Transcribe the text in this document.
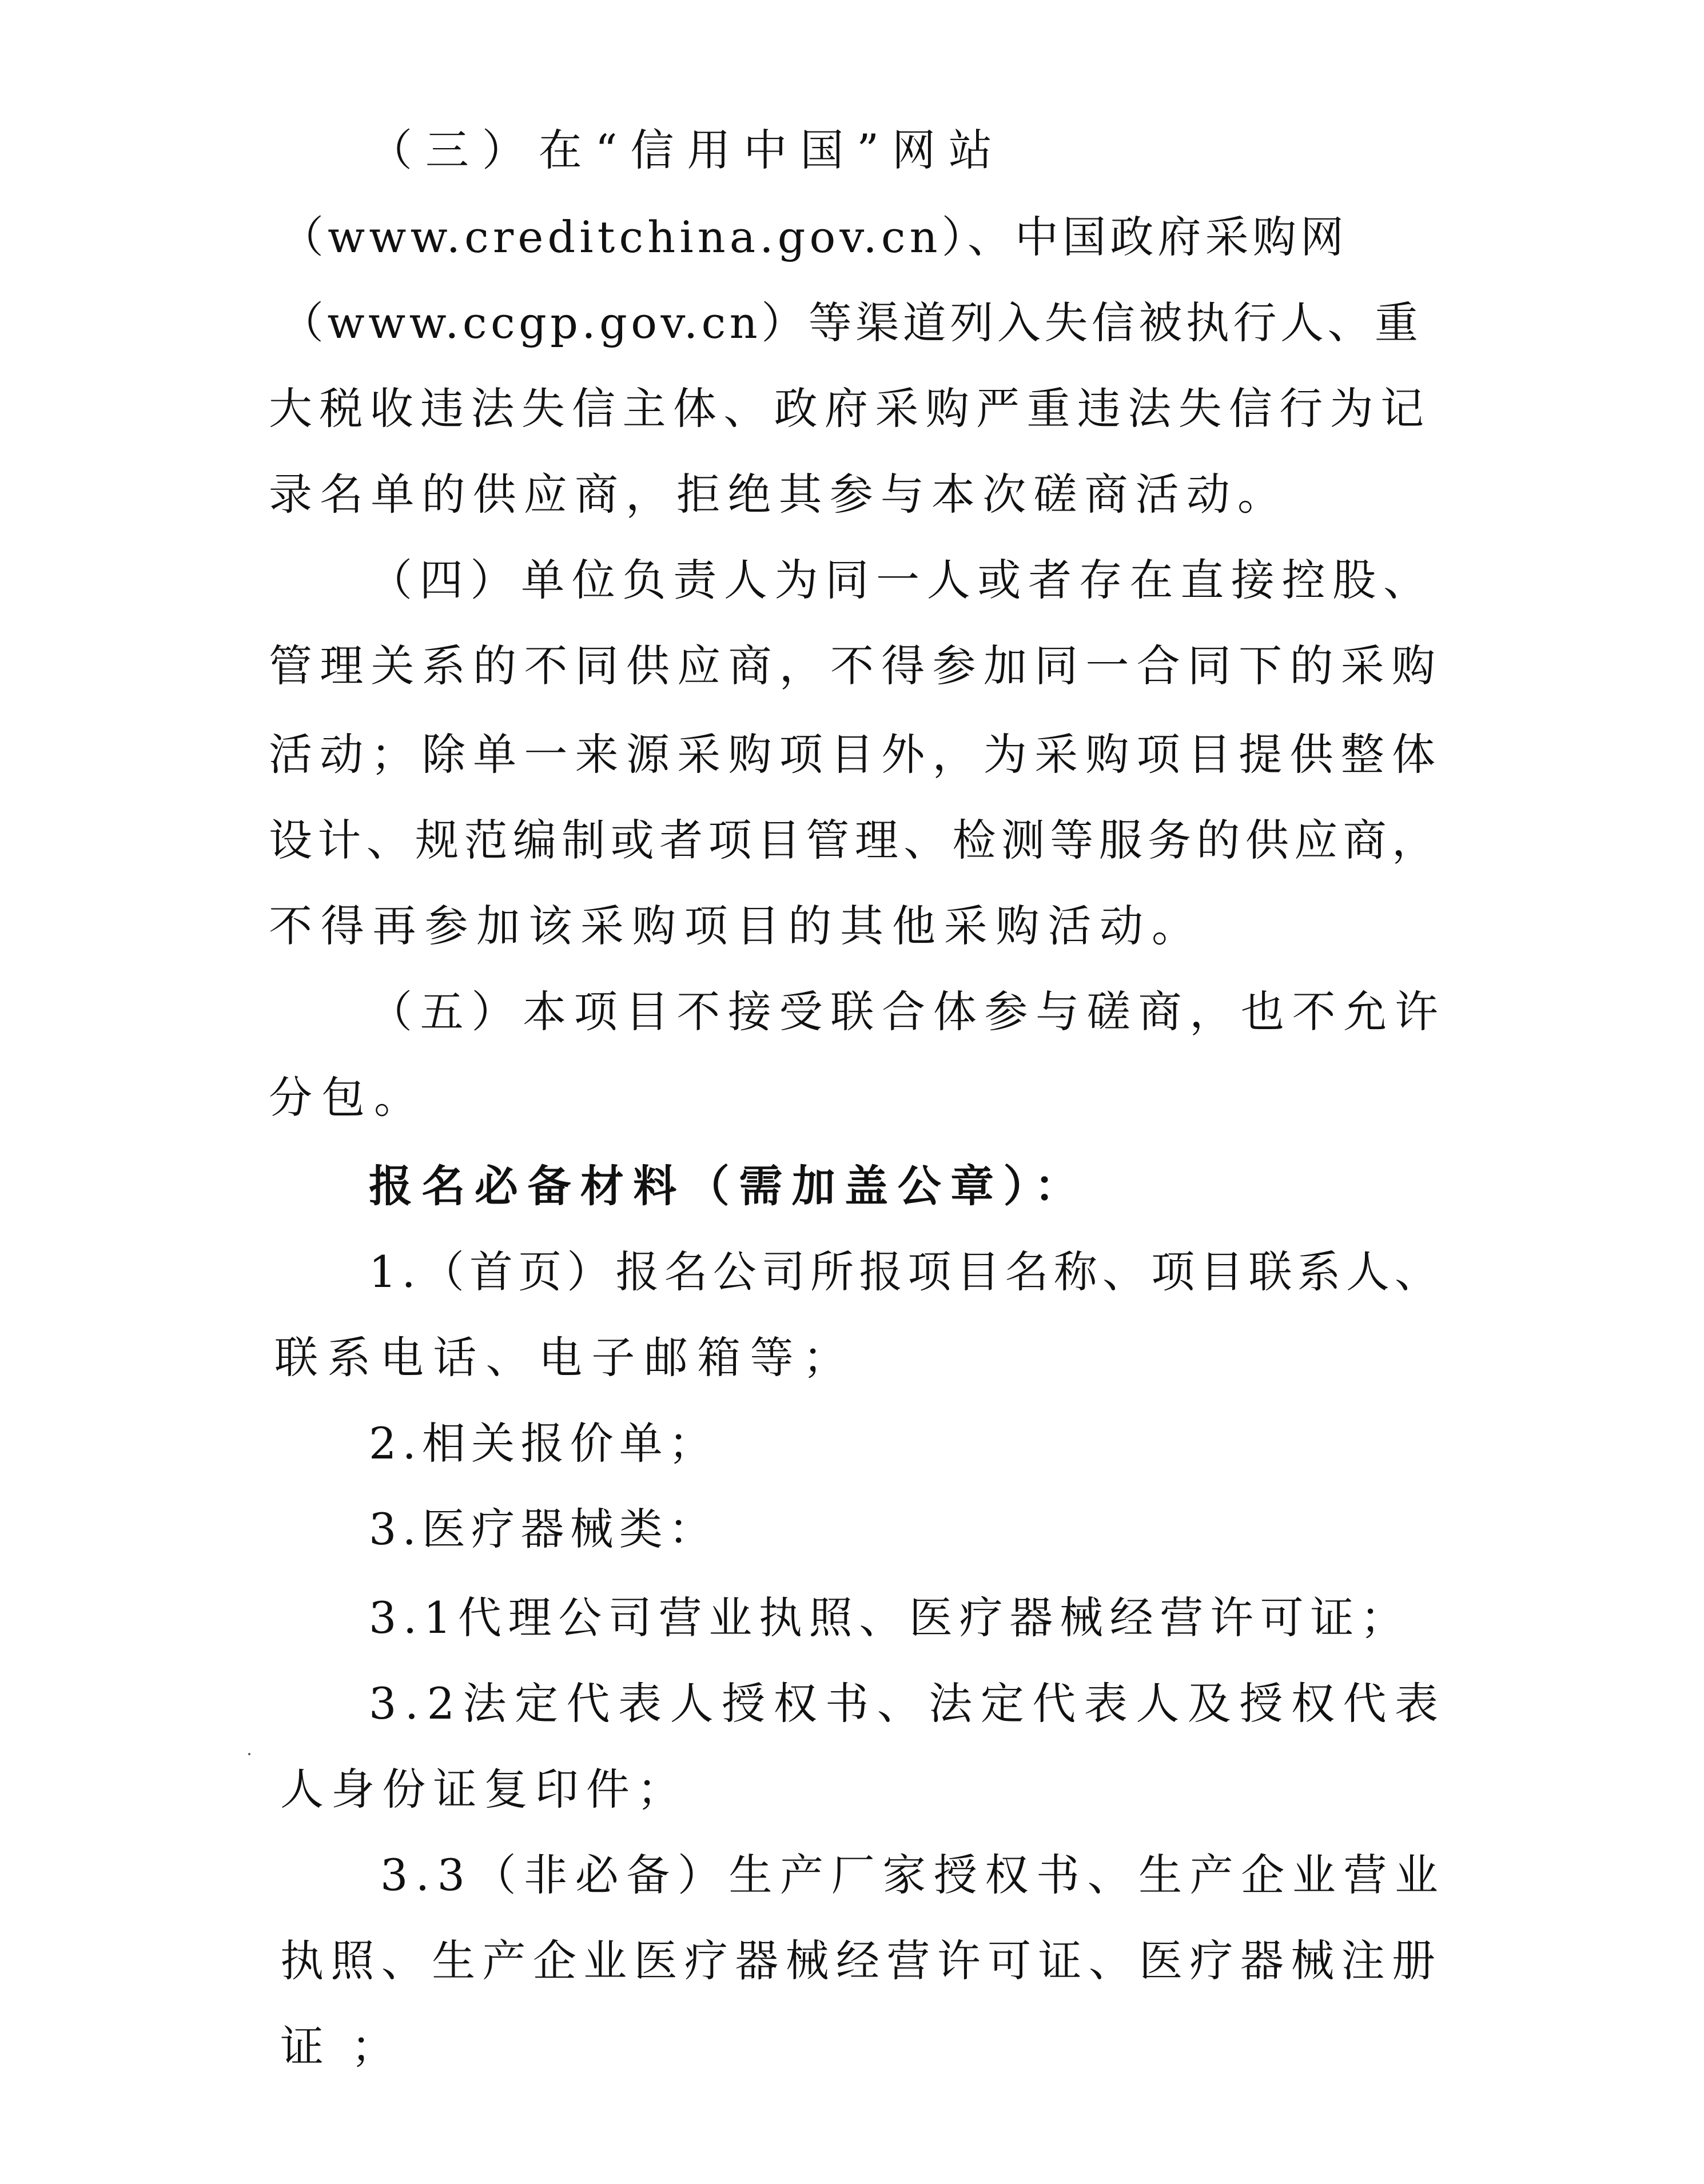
（三）在“信用中国”网站
（www.creditchina.gov.cn）、中国政府采购网
（www.ccgp.gov.cn）等渠道列入失信被执行人、重
大税收违法失信主体、政府采购严重违法失信行为记
录名单的供应商，拒绝其参与本次磋商活动。
（四）单位负责人为同一人或者存在直接控股、
管理关系的不同供应商，不得参加同一合同下的采购
活动；除单一来源采购项目外，为采购项目提供整体
设计、规范编制或者项目管理、检测等服务的供应商，
不得再参加该采购项目的其他采购活动。
（五）本项目不接受联合体参与磋商，也不允许
分包。
报名必备材料（需加盖公章）：
1.（首页）报名公司所报项目名称、项目联系人、
联系电话、电子邮箱等；
2.相关报价单；
3.医疗器械类：
3.1代理公司营业执照、医疗器械经营许可证；
3.2法定代表人授权书、法定代表人及授权代表
人身份证复印件；
3.3（非必备）生产厂家授权书、生产企业营业
执照、生产企业医疗器械经营许可证、医疗器械注册
证；
